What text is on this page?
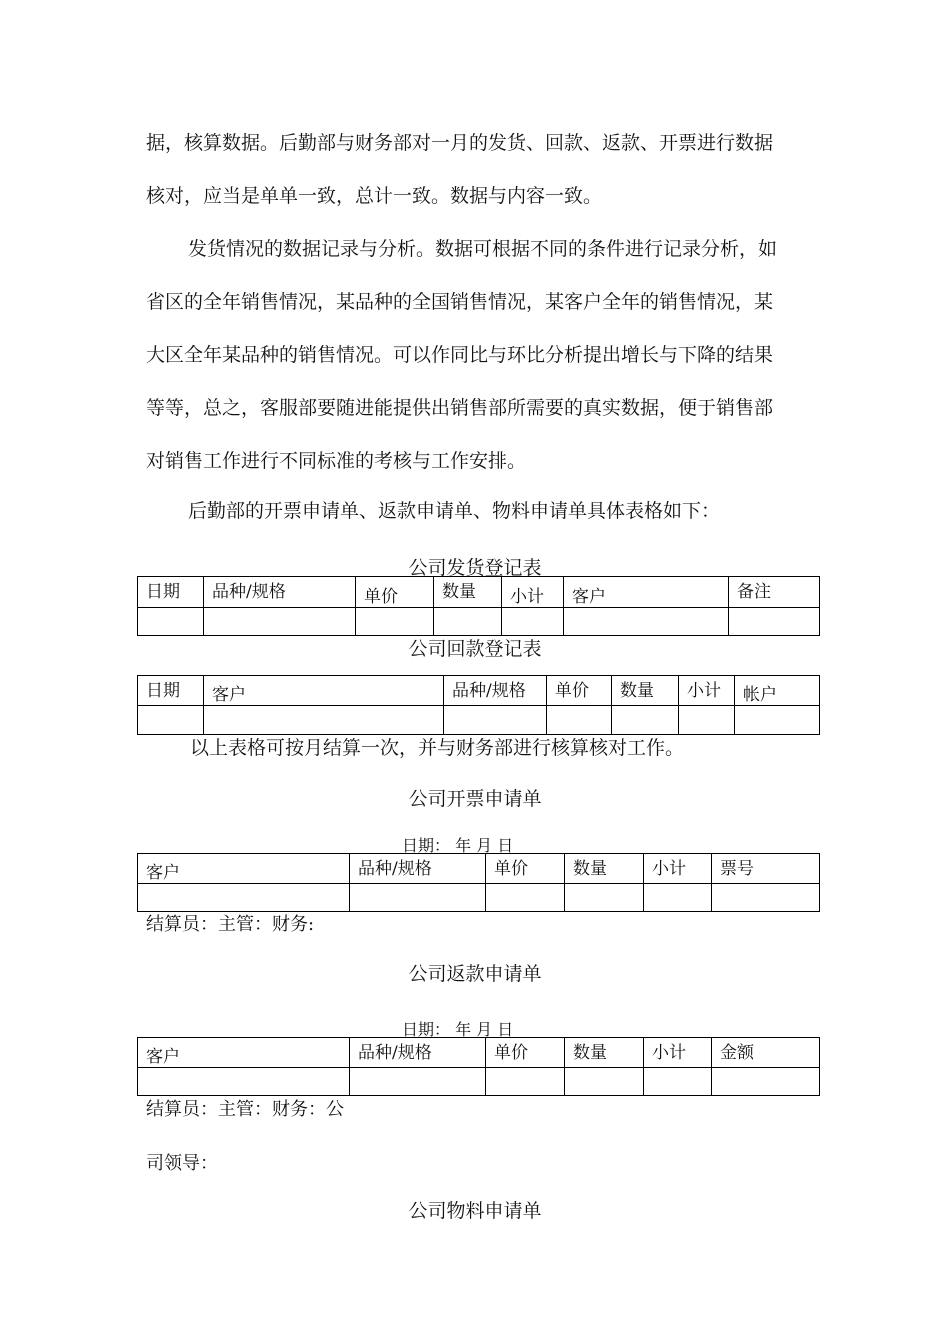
据，核算数据。后勤部与财务部对一月的发货、回款、返款、开票进行数据
核对，应当是单单一致，总计一致。数据与内容一致。
发货情况的数据记录与分析。数据可根据不同的条件进行记录分析，如
省区的全年销售情况，某品种的全国销售情况，某客户全年的销售情况，某
大区全年某品种的销售情况。可以作同比与环比分析提出增长与下降的结果
等等，总之，客服部要随进能提供出销售部所需要的真实数据，便于销售部
对销售工作进行不同标准的考核与工作安排。
后勤部的开票申请单、返款申请单、物料申请单具体表格如下：
公司发货登记表
日期	品种/规格	单价	数量	小计	客户	备注

公司回款登记表
日期	客户	品种/规格	单价	数量	小计	帐户

以上表格可按月结算一次，并与财务部进行核算核对工作。
公司开票申请单
日期： 年 月 日
客户	品种/规格	单价	数量	小计	票号

结算员：主管：财务:
公司返款申请单
日期： 年 月 日
客户	品种/规格	单价	数量	小计	金额

结算员：主管：财务：公
司领导：
公司物料申请单
